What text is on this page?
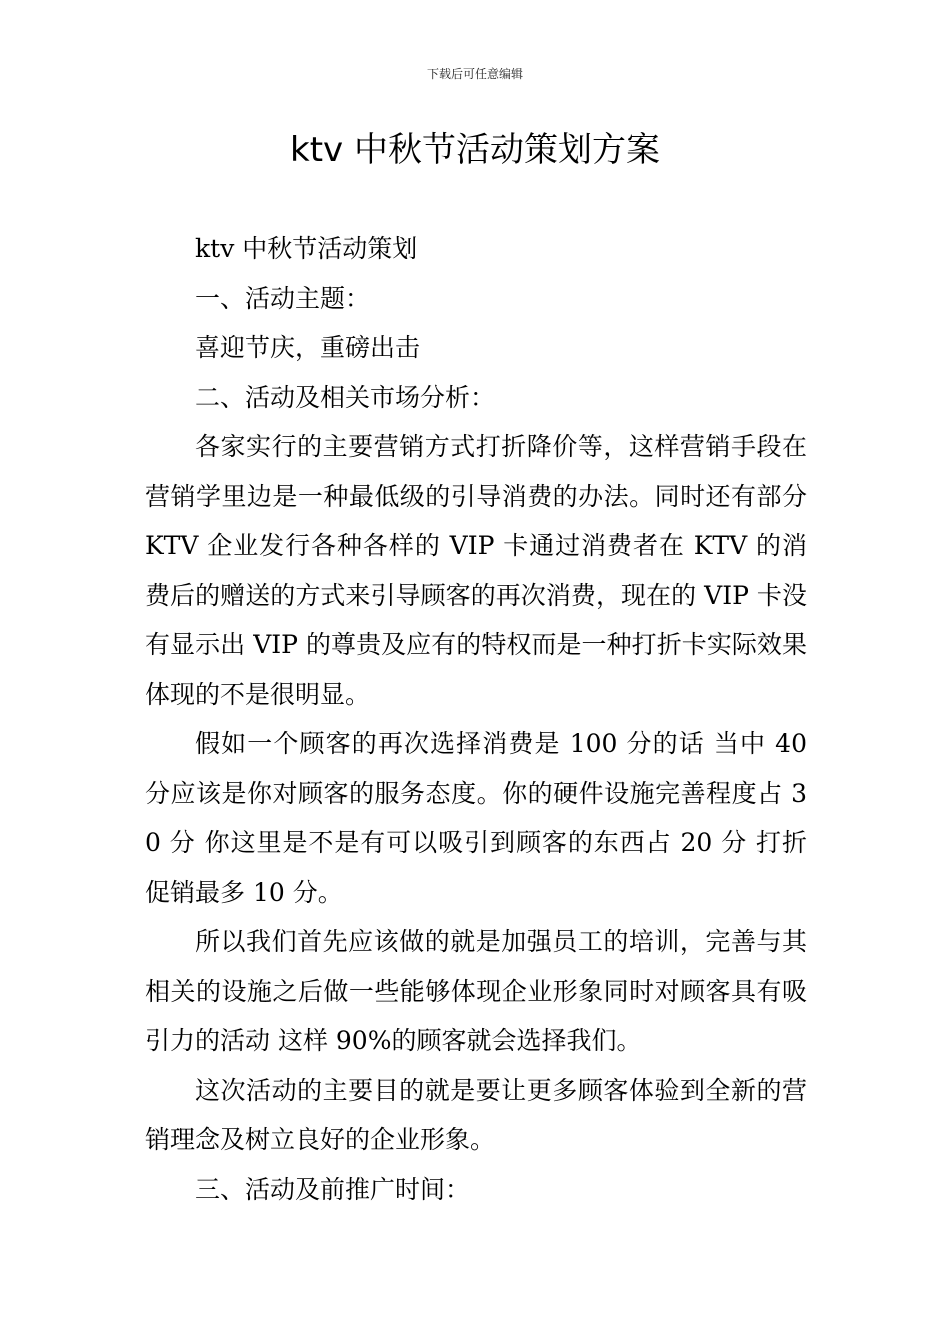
下载后可任意编辑
ktv 中秋节活动策划方案

ktv 中秋节活动策划

一、活动主题：

喜迎节庆，重磅出击

二、活动及相关市场分析：

各家实行的主要营销方式打折降价等，这样营销手段在营销学里边是一种最低级的引导消费的办法。同时还有部分 KTV 企业发行各种各样的 VIP 卡通过消费者在 KTV 的消费后的赠送的方式来引导顾客的再次消费，现在的 VIP 卡没有显示出 VIP 的尊贵及应有的特权而是一种打折卡实际效果体现的不是很明显。

假如一个顾客的再次选择消费是 100 分的话 当中 40 分应该是你对顾客的服务态度。你的硬件设施完善程度占 30 分 你这里是不是有可以吸引到顾客的东西占 20 分 打折促销最多 10 分。

所以我们首先应该做的就是加强员工的培训，完善与其相关的设施之后做一些能够体现企业形象同时对顾客具有吸引力的活动 这样 90%的顾客就会选择我们。

这次活动的主要目的就是要让更多顾客体验到全新的营销理念及树立良好的企业形象。

三、活动及前推广时间：
